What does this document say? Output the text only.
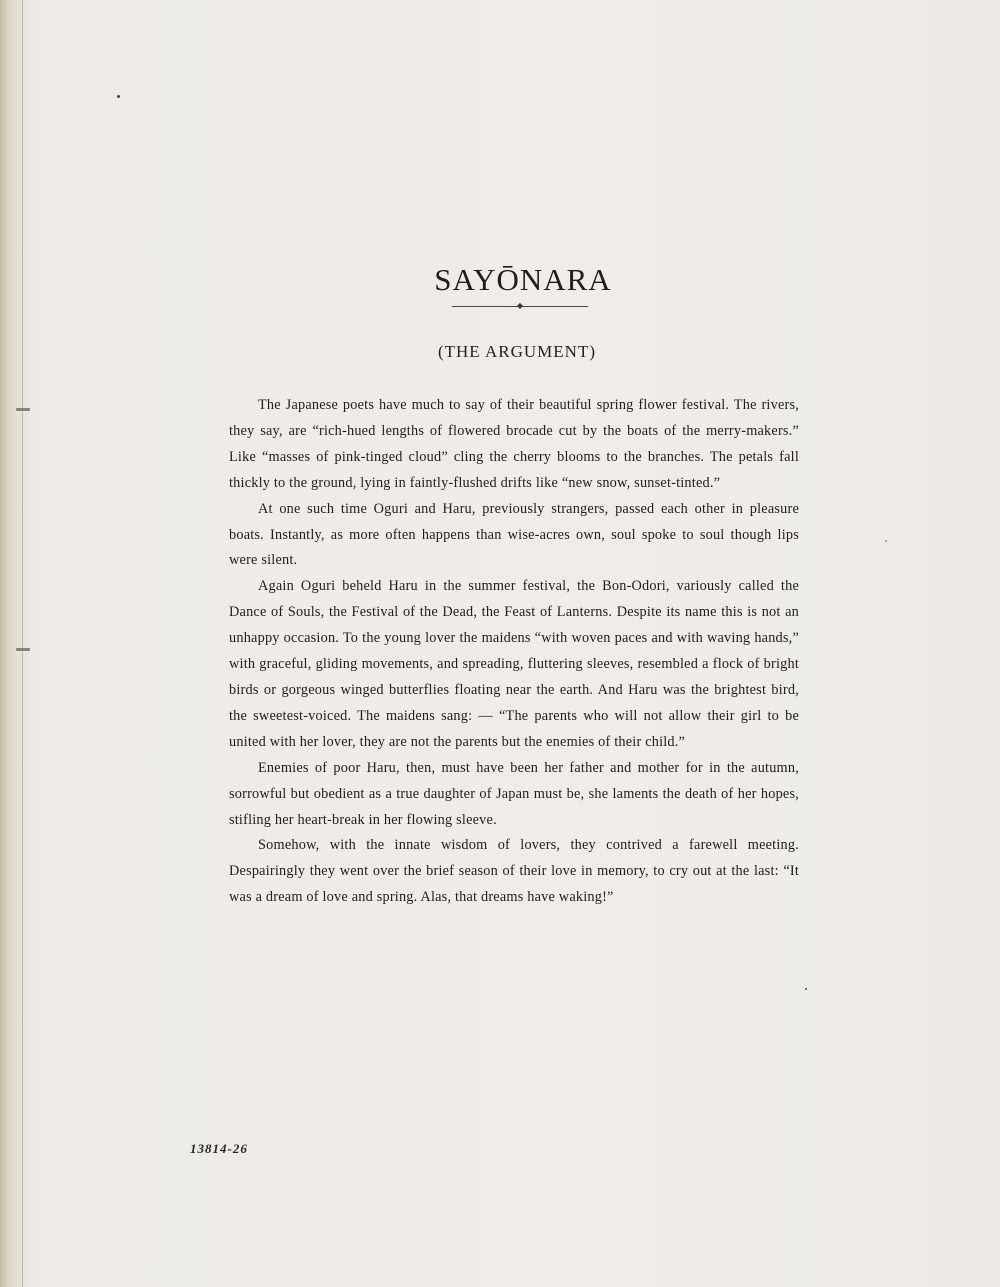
SAYŌNARA
◆
(THE ARGUMENT)

The Japanese poets have much to say of their beautiful spring flower festival. The rivers, they say, are “rich-hued lengths of flowered brocade cut by the boats of the merry-makers.” Like “masses of pink-tinged cloud” cling the cherry blooms to the branches. The petals fall thickly to the ground, lying in faintly-flushed drifts like “new snow, sunset-tinted.”

At one such time Oguri and Haru, previously strangers, passed each other in pleasure boats. Instantly, as more often happens than wise-acres own, soul spoke to soul though lips were silent.

Again Oguri beheld Haru in the summer festival, the Bon-Odori, variously called the Dance of Souls, the Festival of the Dead, the Feast of Lanterns. Despite its name this is not an unhappy occasion. To the young lover the maidens “with woven paces and with waving hands,” with graceful, gliding movements, and spreading, fluttering sleeves, resembled a flock of bright birds or gorgeous winged butterflies floating near the earth. And Haru was the brightest bird, the sweetest-voiced. The maidens sang: — “The parents who will not allow their girl to be united with her lover, they are not the parents but the enemies of their child.”

Enemies of poor Haru, then, must have been her father and mother for in the autumn, sorrowful but obedient as a true daughter of Japan must be, she laments the death of her hopes, stifling her heart-break in her flowing sleeve.

Somehow, with the innate wisdom of lovers, they contrived a farewell meeting. Despairingly they went over the brief season of their love in memory, to cry out at the last: “It was a dream of love and spring. Alas, that dreams have waking!”

13814-26
